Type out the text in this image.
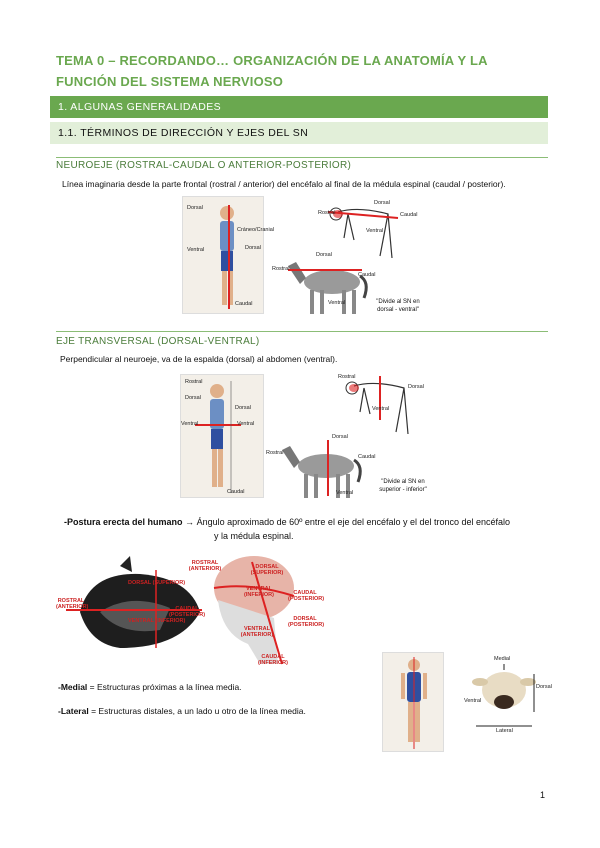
TEMA 0 – RECORDANDO… ORGANIZACIÓN DE LA ANATOMÍA Y LA FUNCIÓN DEL SISTEMA NERVIOSO
1. ALGUNAS GENERALIDADES
1.1. TÉRMINOS DE DIRECCIÓN Y EJES DEL SN
NEUROEJE (ROSTRAL-CAUDAL O ANTERIOR-POSTERIOR)
Línea imaginaria desde la parte frontal (rostral / anterior) del encéfalo al final de la médula espinal (caudal / posterior).
Dorsal
Ventral
Cráneo/Cranial
Dorsal
Caudal
Dorsal
Rostral	Caudal
Ventral
Dorsal
Rostral
Caudal
Ventral	"Divide al SN en dorsal - ventral"
EJE TRANSVERSAL (DORSAL-VENTRAL)
Perpendicular al neuroeje, va de la espalda (dorsal) al abdomen (ventral).
Rostral
Dorsal
Ventral
Dorsal
Ventral
Caudal
Rostral
Dorsal
Ventral
Dorsal
Rostral
Caudal
Ventral
"Divide al SN en superior - inferior"
-Postura erecta del humano → Ángulo aproximado de 60º entre el eje del encéfalo y el del tronco del encéfalo
y la médula espinal.
DORSAL (SUPERIOR)
ROSTRAL (ANTERIOR)	CAUDAL (POSTERIOR)
VENTRAL (INFERIOR)
ROSTRAL (ANTERIOR)	DORSAL (SUPERIOR)
CAUDAL (POSTERIOR)
VENTRAL (INFERIOR)
DORSAL (POSTERIOR)
VENTRAL (ANTERIOR)
CAUDAL (INFERIOR)
-Medial = Estructuras próximas a la línea media.
-Lateral = Estructuras distales, a un lado u otro de la línea media.
Medial
Dorsal
Ventral
Lateral
1
